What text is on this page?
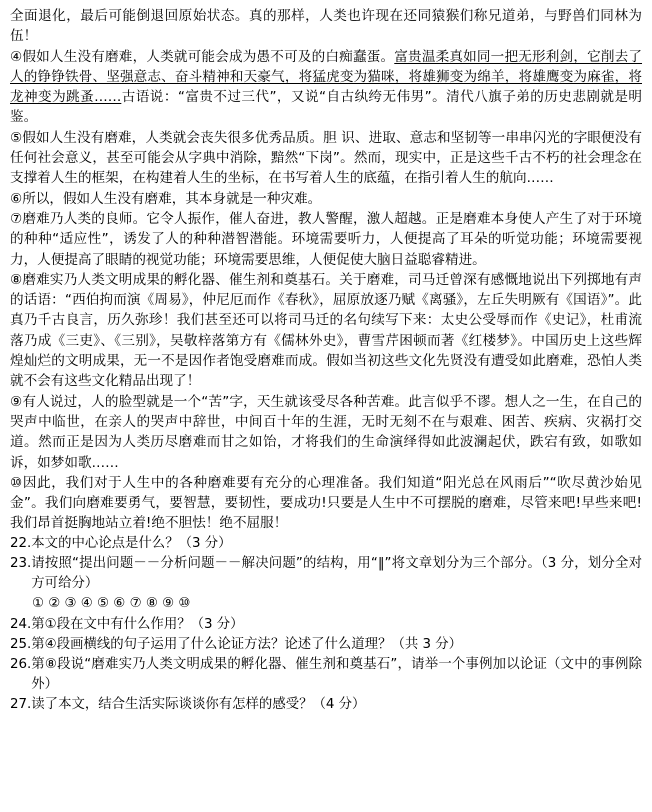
全面退化，最后可能倒退回原始状态。真的那样，人类也许现在还同猿猴们称兄道弟，与野兽们同林为伍！

④假如人生没有磨难，人类就可能会成为愚不可及的白痴蠢蛋。富贵温柔真如同一把无形利剑，它削去了人的铮铮铁骨、坚强意志、奋斗精神和天豪气，将猛虎变为猫咪，将雄狮变为绵羊，将雄鹰变为麻雀，将龙神变为跳蚤……古语说：“富贵不过三代”，又说“自古纨绔无伟男”。清代八旗子弟的历史悲剧就是明鉴。

⑤假如人生没有磨难，人类就会丧失很多优秀品质。胆 识、进取、意志和坚韧等一串串闪光的字眼便没有任何社会意义，甚至可能会从字典中消除，黯然“下岗”。然而，现实中，正是这些千古不朽的社会理念在支撑着人生的框架，在构建着人生的坐标，在书写着人生的底蕴，在指引着人生的航向……

⑥所以，假如人生没有磨难，其本身就是一种灾难。

⑦磨难乃人类的良师。它令人振作，催人奋进，教人警醒，激人超越。正是磨难本身使人产生了对于环境的种种“适应性”，诱发了人的种种潜智潜能。环境需要听力，人便提高了耳朵的听觉功能；环境需要视力，人便提高了眼睛的视觉功能；环境需要思维，人便促使大脑日益聪睿精进。

⑧磨难实乃人类文明成果的孵化器、催生剂和奠基石。关于磨难，司马迁曾深有感慨地说出下列掷地有声的话语：“西伯拘而演《周易》，仲尼厄而作《春秋》，屈原放逐乃赋《离骚》，左丘失明厥有《国语》”。此真乃千古良言，历久弥珍！我们甚至还可以将司马迁的名句续写下来：太史公受辱而作《史记》，杜甫流落乃成《三吏》、《三别》，吴敬梓落第方有《儒林外史》，曹雪芹困顿而著《红楼梦》。中国历史上这些辉煌灿烂的文明成果，无一不是因作者饱受磨难而成。假如当初这些文化先贤没有遭受如此磨难，恐怕人类就不会有这些文化精品出现了！

⑨有人说过，人的脸型就是一个“苦”字，天生就该受尽各种苦难。此言似乎不谬。想人之一生，在自己的哭声中临世，在亲人的哭声中辞世，中间百十年的生涯，无时无刻不在与艰难、困苦、疾病、灾祸打交道。然而正是因为人类历尽磨难而甘之如饴，才将我们的生命演绎得如此波澜起伏，跌宕有致，如歌如诉，如梦如歌……

⑩因此，我们对于人生中的各种磨难要有充分的心理准备。我们知道“阳光总在风雨后”“吹尽黄沙始见金”。我们向磨难要勇气，要智慧，要韧性，要成功!只要是人生中不可摆脱的磨难，尽管来吧!早些来吧!我们昂首挺胸地站立着!绝不胆怯！绝不屈服！

22. 本文的中心论点是什么？（3 分）
23. 请按照“提出问题－－分析问题－－解决问题”的结构，用“‖”将文章划分为三个部分。（3 分，划分全对方可给分）
① ② ③ ④ ⑤ ⑥ ⑦ ⑧ ⑨ ⑩
24. 第①段在文中有什么作用？（3 分）
25. 第④段画横线的句子运用了什么论证方法？论述了什么道理？（共 3 分）
26. 第⑧段说“磨难实乃人类文明成果的孵化器、催生剂和奠基石”，请举一个事例加以论证（文中的事例除外）
27. 读了本文，结合生活实际谈谈你有怎样的感受？（4 分）
